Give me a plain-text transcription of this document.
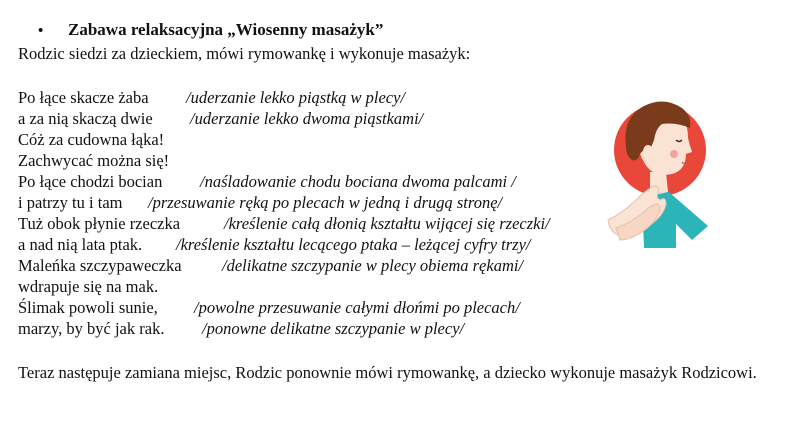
• Zabawa relaksacyjna „Wiosenny masażyk”
Rodzic siedzi za dzieckiem, mówi rymowankę i wykonuje masażyk:
Po łące skacze żaba /uderzanie lekko piąstką w plecy/
a za nią skaczą dwie /uderzanie lekko dwoma piąstkami/
Cóż za cudowna łąka!
Zachwycać można się!
Po łące chodzi bocian /naśladowanie chodu bociana dwoma palcami /
i patrzy tu i tam /przesuwanie ręką po plecach w jedną i drugą stronę/
Tuż obok płynie rzeczka	/kreślenie całą dłonią kształtu wijącej się rzeczki/
a nad nią lata ptak. /kreślenie kształtu lecącego ptaka – leżącej cyfry trzy/
Maleńka szczypaweczka /delikatne szczypanie w plecy obiema rękami/
wdrapuje się na mak.
Ślimak powoli sunie, /powolne przesuwanie całymi dłońmi po plecach/
marzy, by być jak rak. /ponowne delikatne szczypanie w plecy/
Teraz następuje zamiana miejsc, Rodzic ponownie mówi rymowankę, a dziecko wykonuje masażyk Rodzicowi.
